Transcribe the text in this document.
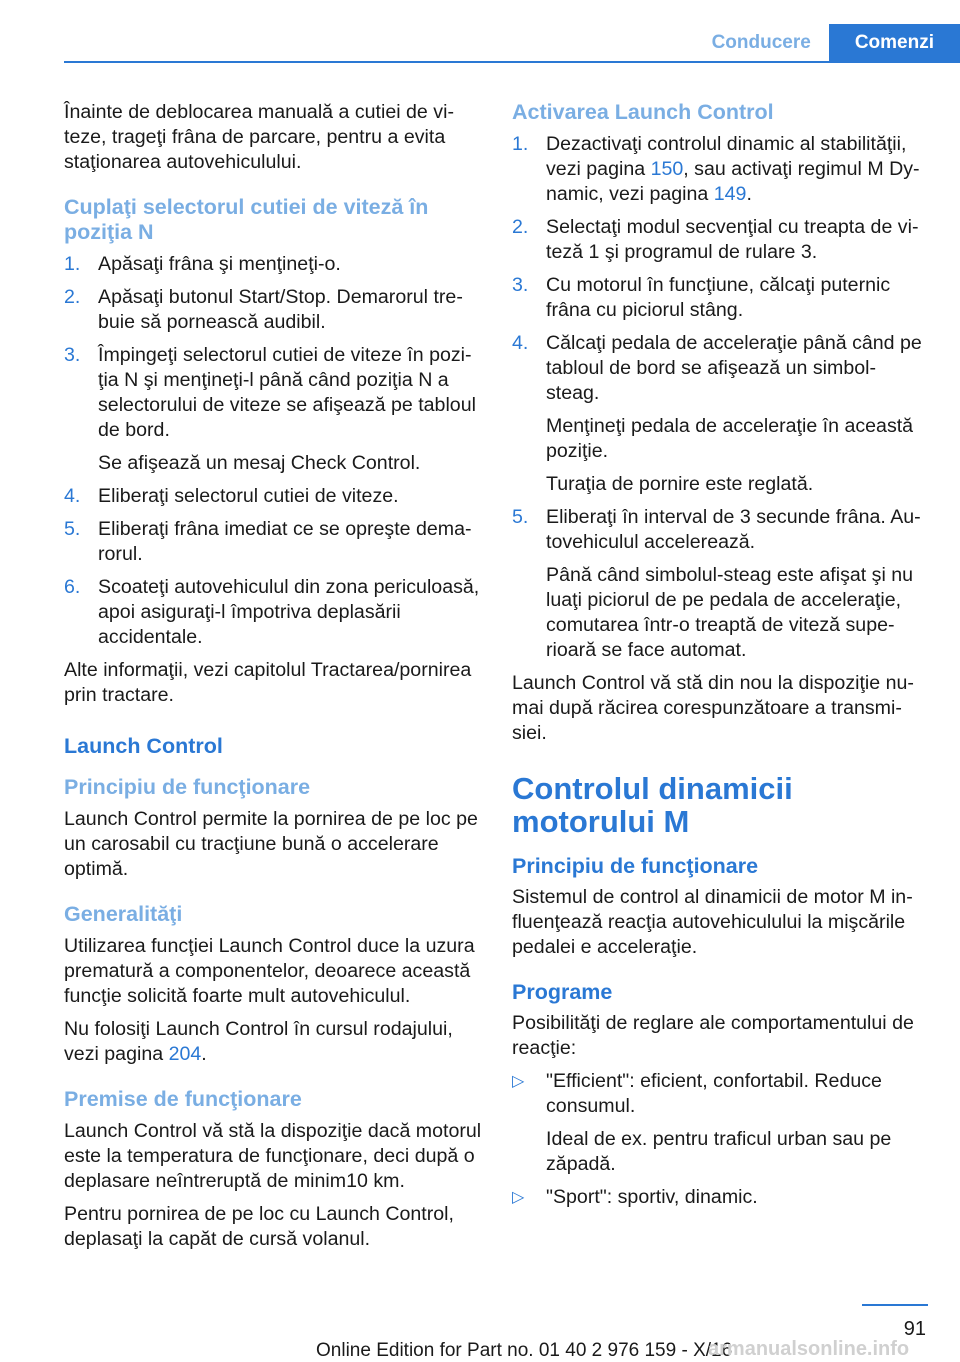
Conducere	Comenzi

Înainte de deblocarea manuală a cutiei de viteze, trageţi frâna de parcare, pentru a evita staţionarea autovehiculului.

Cuplaţi selectorul cutiei de viteză în poziţia N
1. Apăsaţi frâna şi menţineţi-o.
2. Apăsaţi butonul Start/Stop. Demarorul trebuie să pornească audibil.
3. Împingeţi selectorul cutiei de viteze în poziţia N şi menţineţi-l până când poziţia N a selectorului de viteze se afişează pe tabloul de bord.
Se afişează un mesaj Check Control.
4. Eliberaţi selectorul cutiei de viteze.
5. Eliberaţi frâna imediat ce se opreşte demarorul.
6. Scoateţi autovehiculul din zona periculoasă, apoi asiguraţi-l împotriva deplasării accidentale.

Alte informaţii, vezi capitolul Tractarea/pornirea prin tractare.

Launch Control
Principiu de funcţionare

Launch Control permite la pornirea de pe loc pe un carosabil cu tracţiune bună o accelerare optimă.

Generalităţi

Utilizarea funcţiei Launch Control duce la uzura prematură a componentelor, deoarece această funcţie solicită foarte mult autovehiculul.

Nu folosiţi Launch Control în cursul rodajului, vezi pagina 204.

Premise de funcţionare

Launch Control vă stă la dispoziţie dacă motorul este la temperatura de funcţionare, deci după o deplasare neîntreruptă de minim10 km.

Pentru pornirea de pe loc cu Launch Control, deplasaţi la capăt de cursă volanul.

Activarea Launch Control
1. Dezactivaţi controlul dinamic al stabilităţii, vezi pagina 150, sau activaţi regimul M Dynamic, vezi pagina 149.
2. Selectaţi modul secvenţial cu treapta de viteză 1 şi programul de rulare 3.
3. Cu motorul în funcţiune, călcaţi puternic frâna cu piciorul stâng.
4. Călcaţi pedala de acceleraţie până când pe tabloul de bord se afişează un simbol-steag.
Menţineţi pedala de acceleraţie în această poziţie.
Turaţia de pornire este reglată.
5. Eliberaţi în interval de 3 secunde frâna. Autovehiculul accelerează.
Până când simbolul-steag este afişat şi nu luaţi piciorul de pe pedala de acceleraţie, comutarea într-o treaptă de viteză superioară se face automat.

Launch Control vă stă din nou la dispoziţie numai după răcirea corespunzătoare a transmisiei.

Controlul dinamicii motorului M
Principiu de funcţionare

Sistemul de control al dinamicii de motor M influenţează reacţia autovehiculului la mişcările pedalei e acceleraţie.

Programe

Posibilităţi de reglare ale comportamentului de reacţie:

▷ "Efficient": eficient, confortabil. Reduce consumul.
Ideal de ex. pentru traficul urban sau pe zăpadă.
▷ "Sport": sportiv, dinamic.
91
Online Edition for Part no. 01 40 2 976 159 - X/16
armanualsonline.info
